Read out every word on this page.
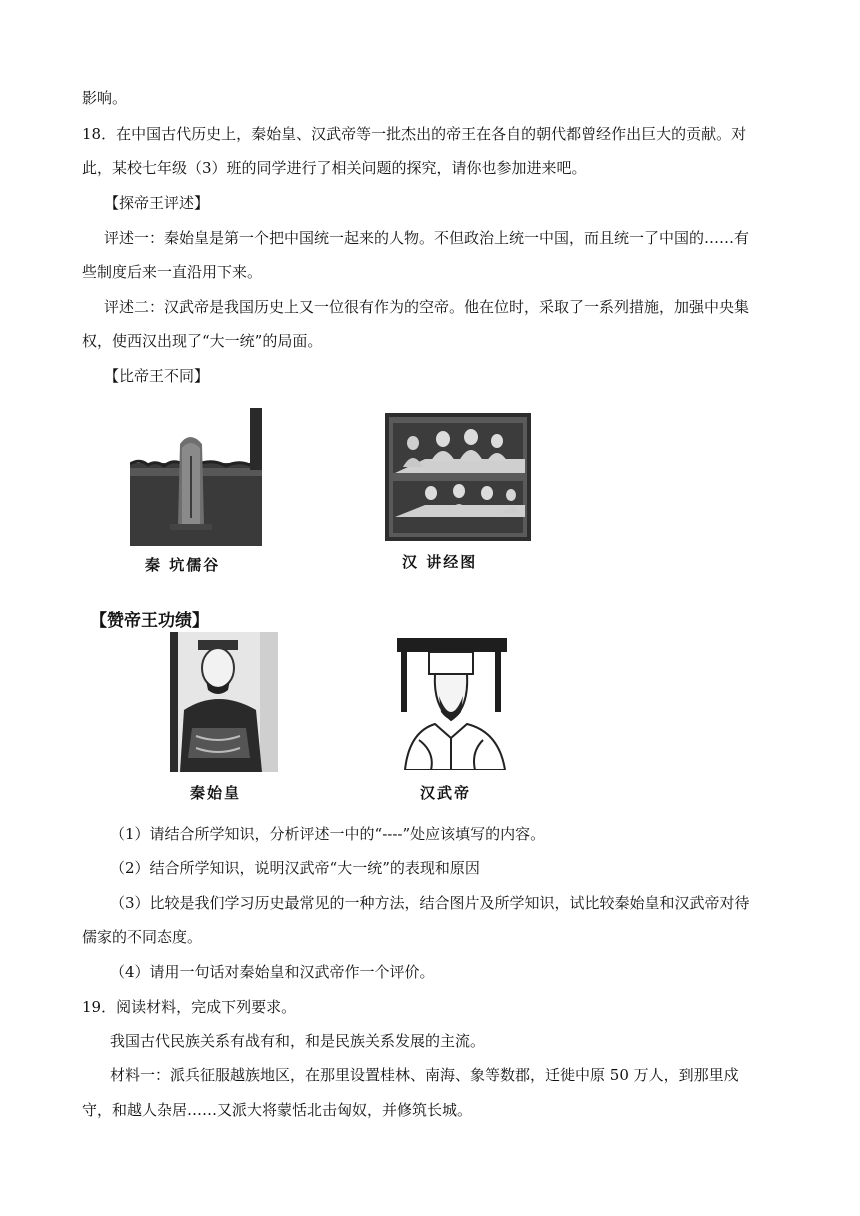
影响。
18．在中国古代历史上，秦始皇、汉武帝等一批杰出的帝王在各自的朝代都曾经作出巨大的贡献。对
此，某校七年级（3）班的同学进行了相关问题的探究，请你也参加进来吧。
【探帝王评述】
评述一：秦始皇是第一个把中国统一起来的人物。不但政治上统一中国，而且统一了中国的……有
些制度后来一直沿用下来。
评述二：汉武帝是我国历史上又一位很有作为的空帝。他在位时，采取了一系列措施，加强中央集
权，使西汉出现了“大一统”的局面。
【比帝王不同】
秦 坑儒谷	汉 讲经图
【赞帝王功绩】
秦始皇	汉武帝
（1）请结合所学知识，分析评述一中的“----”处应该填写的内容。
（2）结合所学知识，说明汉武帝“大一统”的表现和原因
（3）比较是我们学习历史最常见的一种方法，结合图片及所学知识，试比较秦始皇和汉武帝对待
儒家的不同态度。
（4）请用一句话对秦始皇和汉武帝作一个评价。
19．阅读材料，完成下列要求。
我国古代民族关系有战有和，和是民族关系发展的主流。
材料一：派兵征服越族地区，在那里设置桂林、南海、象等数郡，迁徙中原 50 万人，到那里戍
守，和越人杂居……又派大将蒙恬北击匈奴，并修筑长城。
